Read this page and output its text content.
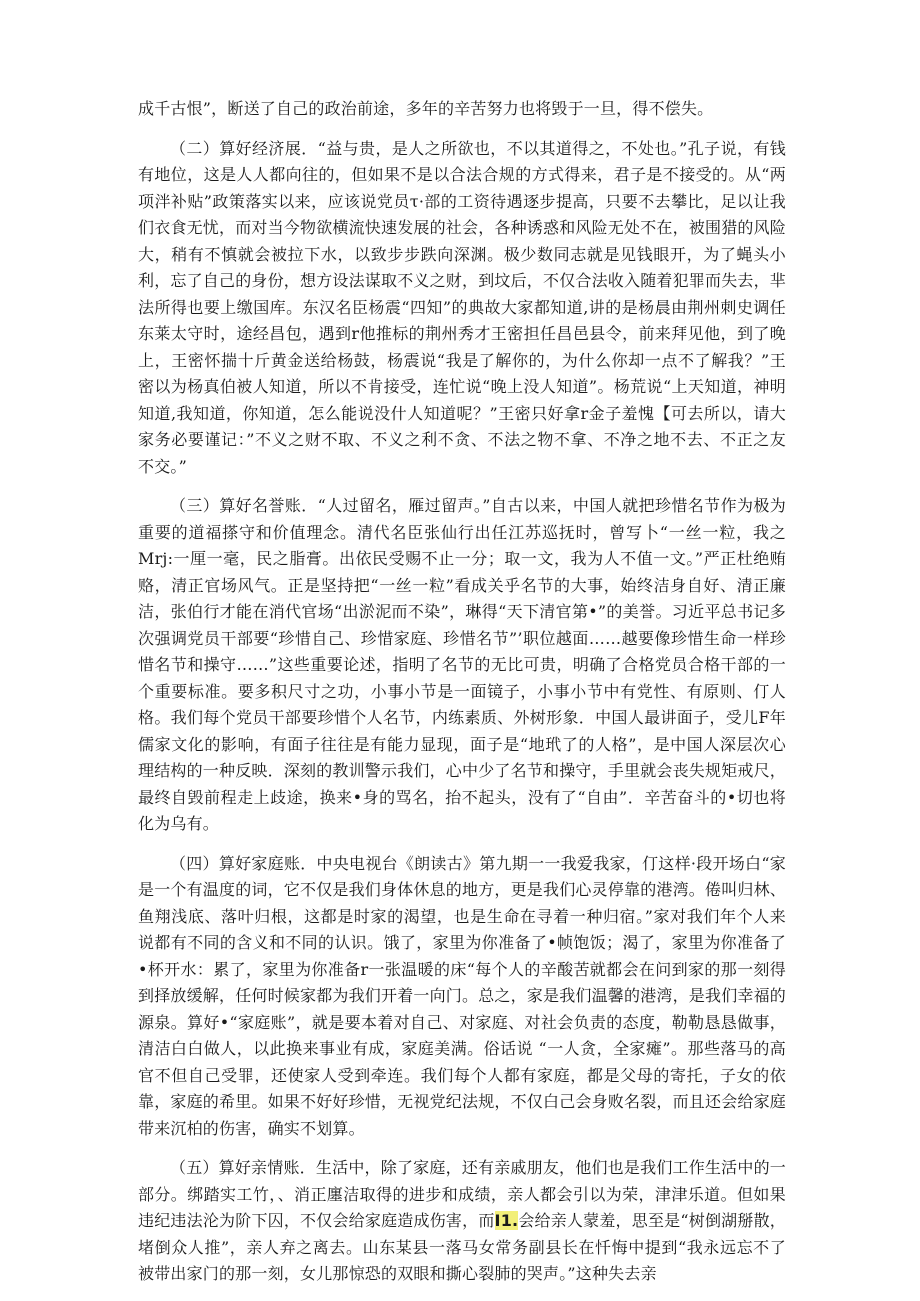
成千古恨”，断送了自己的政治前途，多年的辛苦努力也将毁于一旦，得不偿失。

（二）算好经济展．“益与贵，是人之所欲也，不以其道得之，不处也。”孔子说，有钱有地位，这是人人都向往的，但如果不是以合法合规的方式得来，君子是不接受的。从“两项泮补贴”政策落实以来，应该说党员τ·部的工资待遇逐步提高，只要不去攀比，足以让我们衣食无忧，而对当今物欲横流快速发展的社会，各种诱惑和风险无处不在，被围猎的风险大，稍有不慎就会被拉下水，以致步步跌向深渊。极少数同志就是见钱眼开，为了蝇头小利，忘了自己的身份，想方设法谋取不义之财，到坟后，不仅合法收入随着犯罪而失去，芈法所得也要上缴国库。东汉名臣杨震“四知”的典故大家都知道,讲的是杨晨由荆州刺史调任东莱太守时，途经昌包，遇到r他推标的荆州秀才王密担任昌邑县令，前来拜见他，到了晚上，王密怀揣十斤黄金送给杨鼓，杨震说“我是了解你的，为什么你却一点不了解我？”王密以为杨真伯被人知道，所以不肯接受，连忙说“晚上没人知道”。杨荒说“上天知道，神明知道,我知道，你知道，怎么能说没什人知道呢？”王密只好拿r金子羞愧【可去所以，请大家务必要谨记：”不义之财不取、不义之利不贪、不法之物不拿、不净之地不去、不正之友不交。”

（三）算好名誉账．“人过留名，雁过留声。”自古以来，中国人就把珍惜名节作为极为重要的道福搽守和价值理念。清代名臣张仙行出任江苏巡抚时，曾写卜“一丝一粒，我之Mrj:一厘一毫，民之脂膏。出依民受赐不止一分；取一文，我为人不值一文。”严正杜绝贿赂，清正官场风气。正是坚持把“一丝一粒”看成关乎名节的大事，始终洁身自好、清正廉洁，张伯行才能在消代官场“出淤泥而不染”，琳得“天下清官第•”的美誉。习近平总书记多次强调党员干部要“珍惜自己、珍惜家庭、珍惜名节”’职位越面……越要像珍惜生命一样珍惜名节和操守……”这些重要论述，指明了名节的无比可贵，明确了合格党员合格干部的一个重要标准。要多积尺寸之功，小事小节是一面镜子，小事小节中有党性、有原则、仃人格。我们每个党员干部要珍惜个人名节，内练素质、外树形象．中国人最讲面子，受儿F年儒家文化的影响，有面子往往是有能力显现，面子是“地玳了的人格”，是中国人深层次心理结构的一种反映．深刻的教训警示我们，心中少了名节和操守，手里就会丧失规矩戒尺，最终自毁前程走上歧途，换来•身的骂名，抬不起头，没有了“自由”．辛苦奋斗的•切也将化为乌有。

（四）算好家庭账．中央电视台《朗读古》第九期一一我爱我家，仃这样·段开场白“家是一个有温度的词，它不仅是我们身体休息的地方，更是我们心灵停靠的港湾。倦叫归林、鱼翔浅底、落叶归根，这都是时家的渴望，也是生命在寻着一种归宿。”家对我们年个人来说都有不同的含义和不同的认识。饿了，家里为你准备了•帧饱饭；渴了，家里为你准备了•杯开水：累了，家里为你准备r一张温暖的床“每个人的辛酸苦就都会在问到家的那一刻得到择放缓解，任何时候家都为我们开着一向门。总之，家是我们温馨的港湾，是我们幸福的源泉。算好•“家庭账”，就是要本着对自己、对家庭、对社会负责的态度，勒勒恳恳做事，清洁白白做人，以此换来事业有成，家庭美满。俗话说 “一人贪，全家瘫”。那些落马的高官不但自己受罪，还使家人受到牵连。我们每个人都有家庭，都是父母的寄托，子女的依靠，家庭的希里。如果不好好珍惜，无视党纪法规，不仅白己会身败名裂，而且还会给家庭带来沉柏的伤害，确实不划算。

（五）算好亲情账．生活中，除了家庭，还有亲戚朋友，他们也是我们工作生活中的一部分。绑踏实工竹，、消正廛洁取得的进步和成绩，亲人都会引以为荣，津津乐道。但如果违纪违法沦为阶下囚，不仅会给家庭造成伤害，而I1.会给亲人蒙羞，思至是“树倒湖掰散，堵倒众人推”，亲人弃之离去。山东某县一落马女常务副县长在忏悔中提到“我永远忘不了被带出家门的那一刻，女儿那惊恐的双眼和撕心裂肺的哭声。”这种失去亲
